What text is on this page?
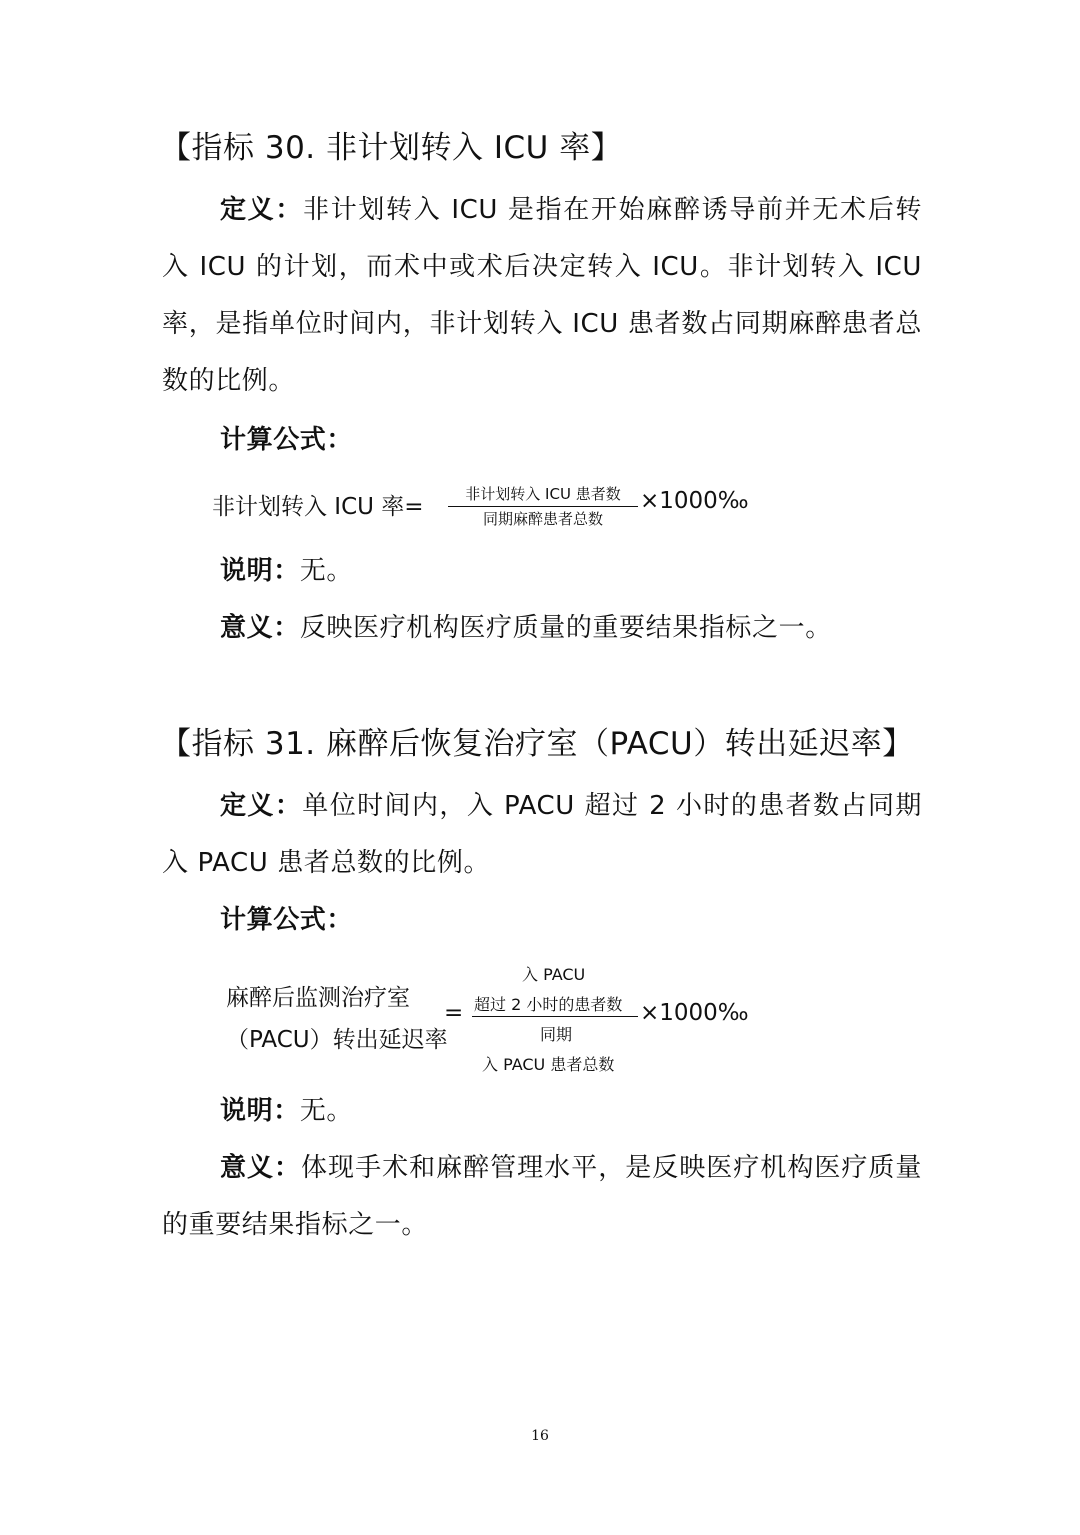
【指标 30. 非计划转入 ICU 率】
定义：非计划转入 ICU 是指在开始麻醉诱导前并无术后转入 ICU 的计划，而术中或术后决定转入 ICU。非计划转入 ICU 率，是指单位时间内，非计划转入 ICU 患者数占同期麻醉患者总数的比例。
计算公式：
非计划转入 ICU 率=	非计划转入 ICU 患者数
同期麻醉患者总数
×1000‰
说明：无。
意义：反映医疗机构医疗质量的重要结果指标之一。
【指标 31. 麻醉后恢复治疗室（PACU）转出延迟率】
定义：单位时间内，入 PACU 超过 2 小时的患者数占同期入 PACU 患者总数的比例。
计算公式：
麻醉后监测治疗室
（PACU）转出延迟率
=
入 PACU
超过 2 小时的患者数
同期
入 PACU 患者总数
×1000‰
说明：无。
意义：体现手术和麻醉管理水平，是反映医疗机构医疗质量的重要结果指标之一。
16
